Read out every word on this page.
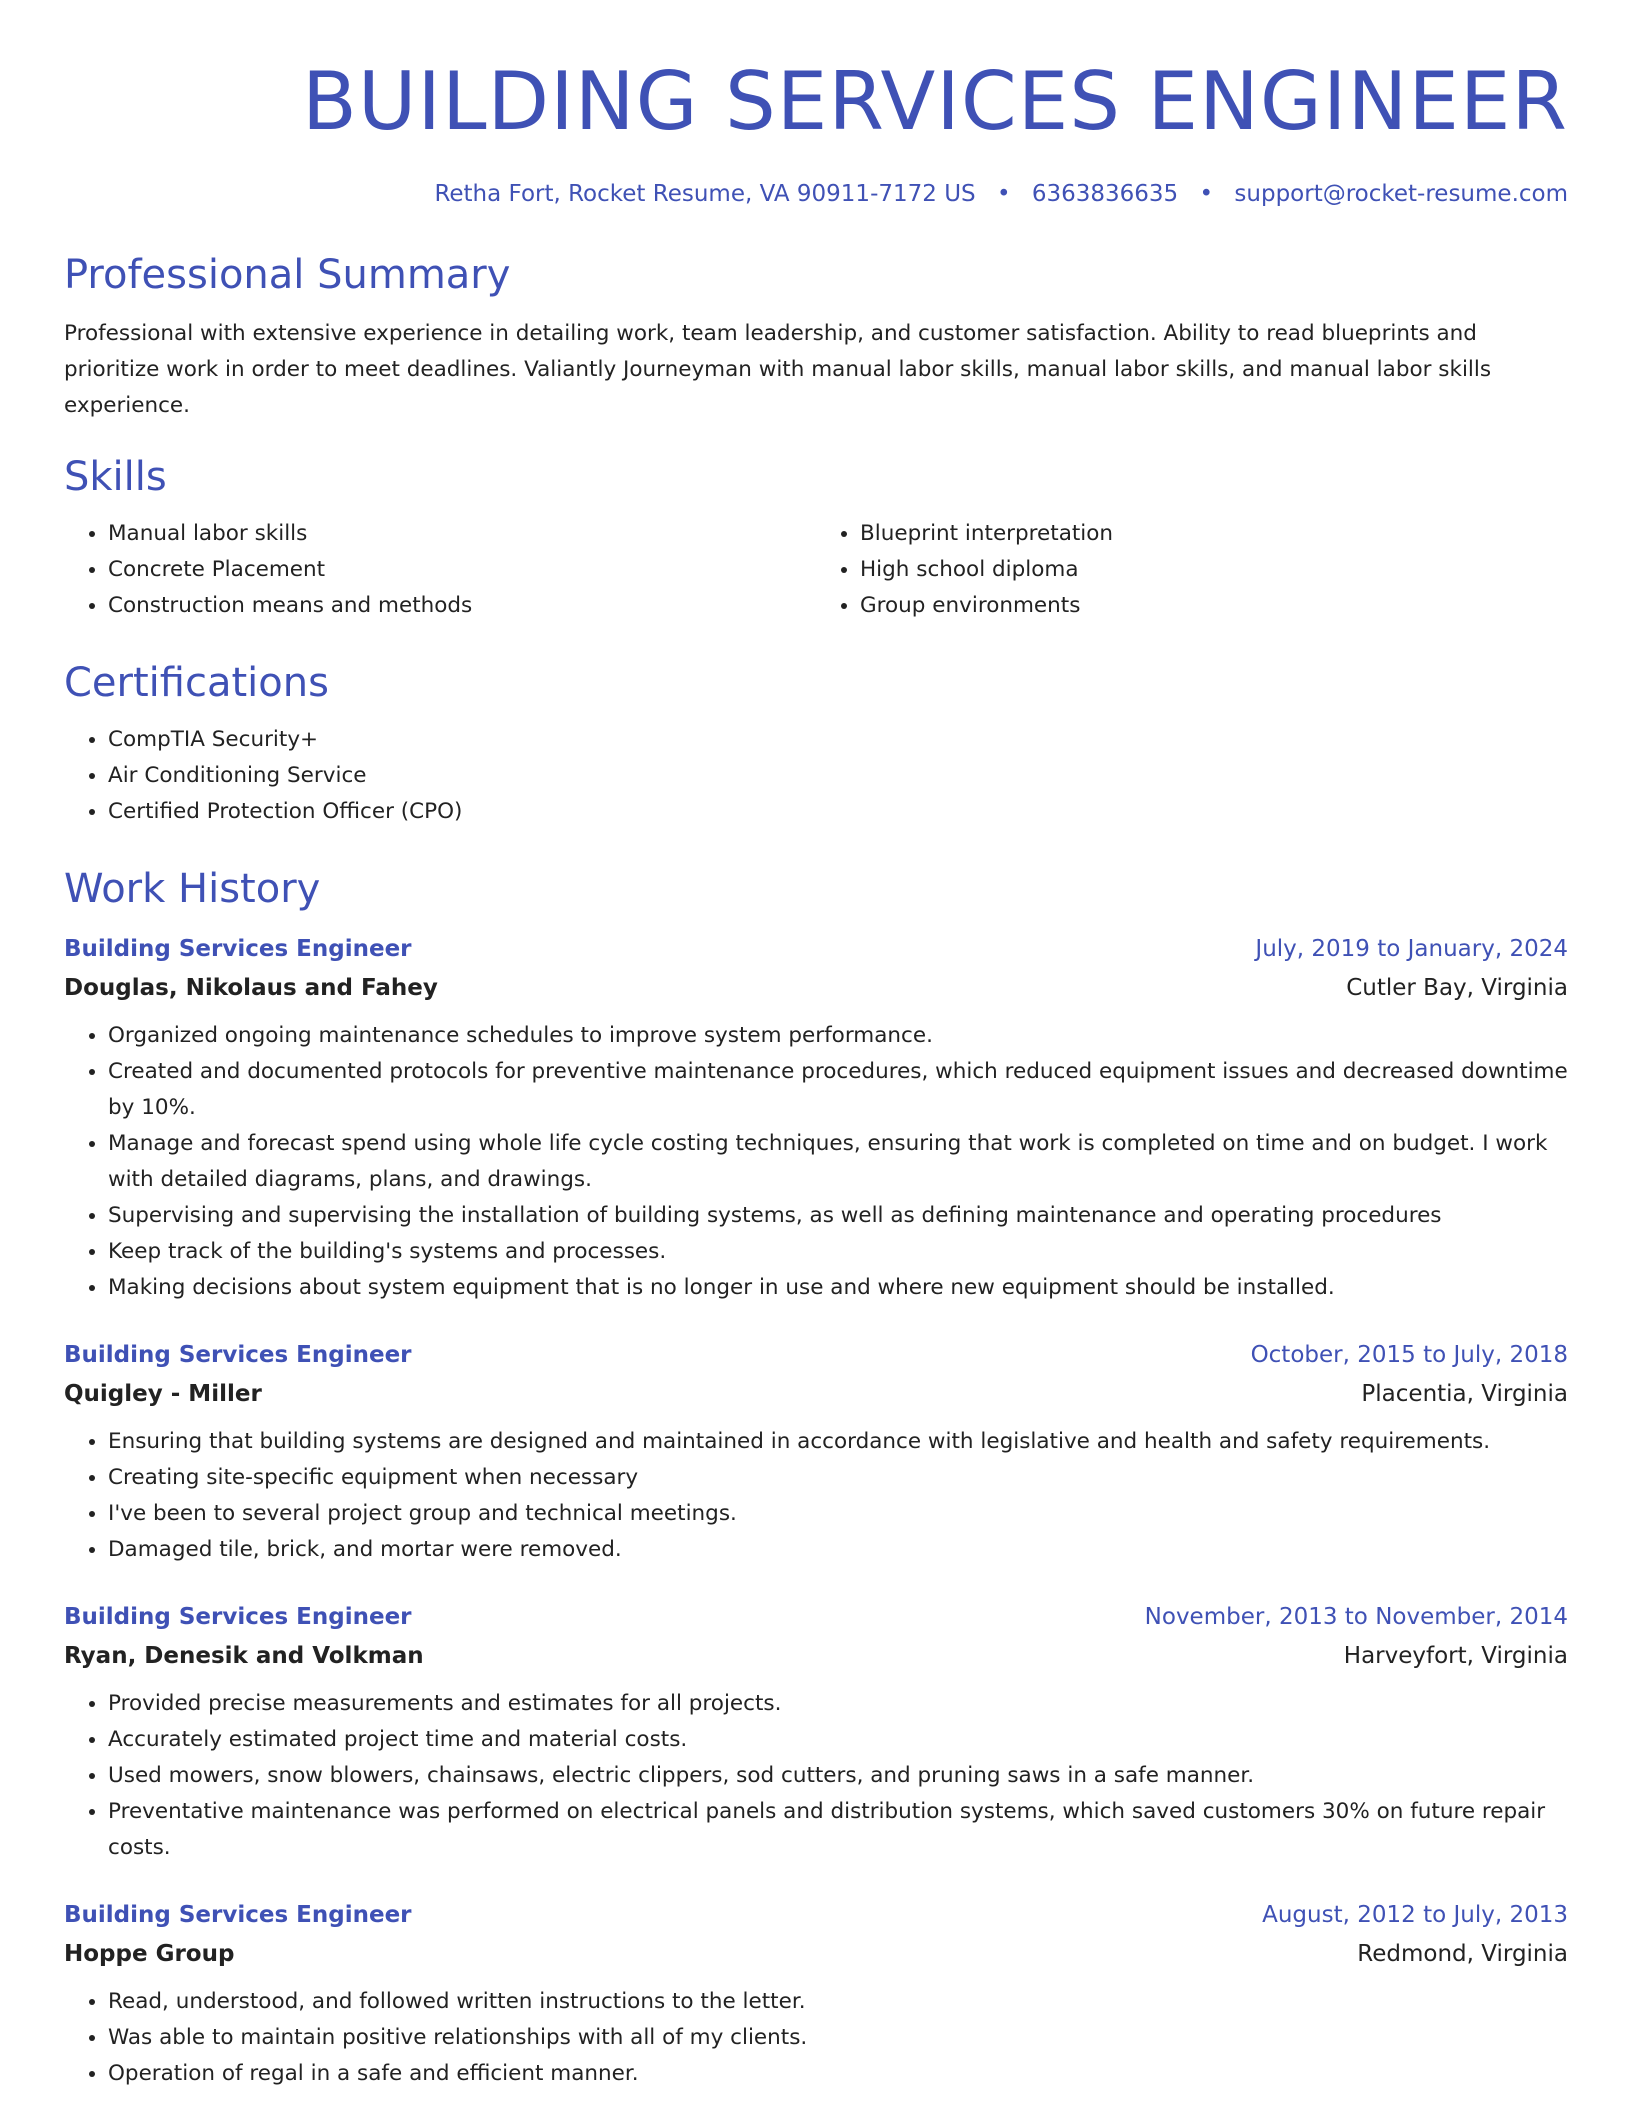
BUILDING SERVICES ENGINEER
Retha Fort, Rocket Resume, VA 90911-7172 US • 6363836635 • support@rocket-resume.com
Professional Summary

Professional with extensive experience in detailing work, team leadership, and customer satisfaction. Ability to read blueprints and prioritize work in order to meet deadlines. Valiantly Journeyman with manual labor skills, manual labor skills, and manual labor skills experience.

Skills
• Manual labor skills
• Concrete Placement
• Construction means and methods
• Blueprint interpretation
• High school diploma
• Group environments
Certifications
• CompTIA Security+
• Air Conditioning Service
• Certified Protection Officer (CPO)
Work History
Building Services Engineer	July, 2019 to January, 2024
Douglas, Nikolaus and Fahey	Cutler Bay, Virginia
• Organized ongoing maintenance schedules to improve system performance.
• Created and documented protocols for preventive maintenance procedures, which reduced equipment issues and decreased downtime by 10%.
• Manage and forecast spend using whole life cycle costing techniques, ensuring that work is completed on time and on budget. I work with detailed diagrams, plans, and drawings.
• Supervising and supervising the installation of building systems, as well as defining maintenance and operating procedures
• Keep track of the building's systems and processes.
• Making decisions about system equipment that is no longer in use and where new equipment should be installed.
Building Services Engineer	October, 2015 to July, 2018
Quigley - Miller	Placentia, Virginia
• Ensuring that building systems are designed and maintained in accordance with legislative and health and safety requirements.
• Creating site-specific equipment when necessary
• I've been to several project group and technical meetings.
• Damaged tile, brick, and mortar were removed.
Building Services Engineer	November, 2013 to November, 2014
Ryan, Denesik and Volkman	Harveyfort, Virginia
• Provided precise measurements and estimates for all projects.
• Accurately estimated project time and material costs.
• Used mowers, snow blowers, chainsaws, electric clippers, sod cutters, and pruning saws in a safe manner.
• Preventative maintenance was performed on electrical panels and distribution systems, which saved customers 30% on future repair costs.
Building Services Engineer	August, 2012 to July, 2013
Hoppe Group	Redmond, Virginia
• Read, understood, and followed written instructions to the letter.
• Was able to maintain positive relationships with all of my clients.
• Operation of regal in a safe and efficient manner.
